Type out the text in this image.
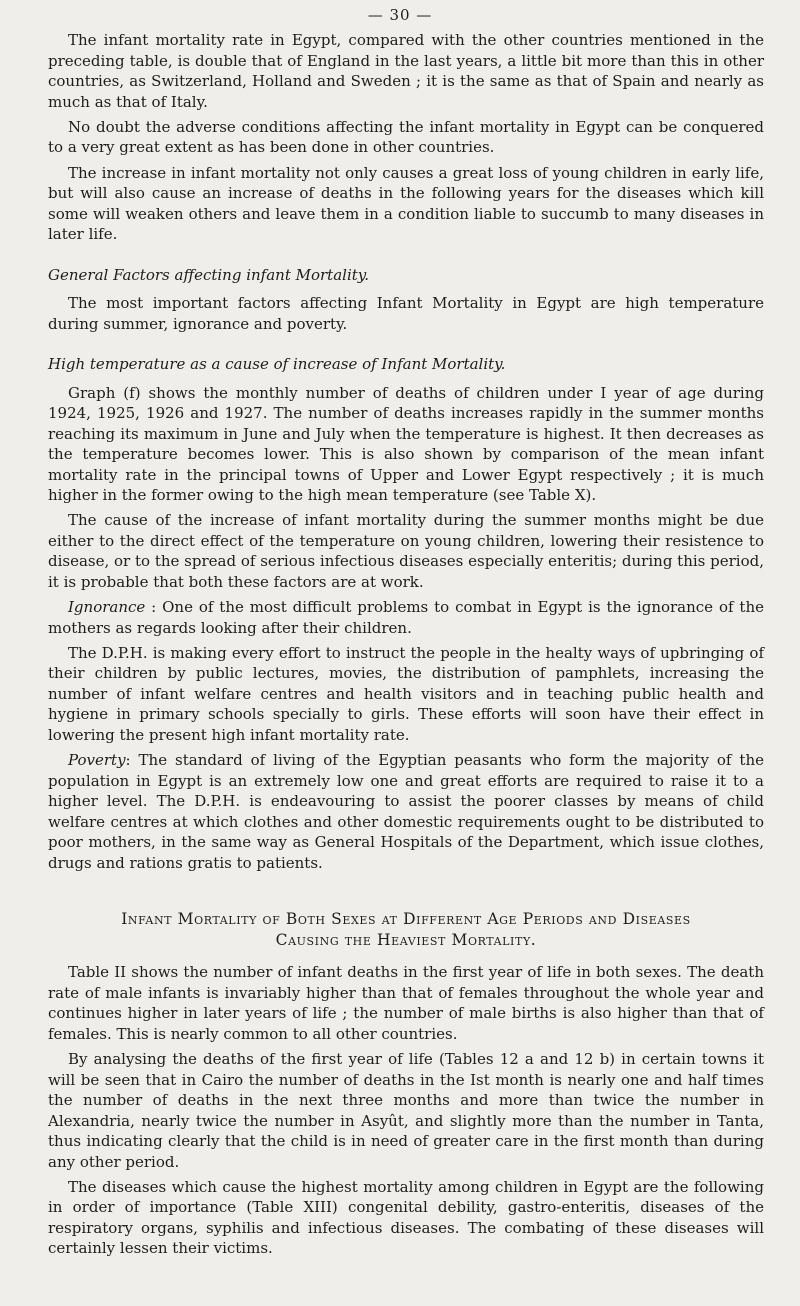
— 30 —

The infant mortality rate in Egypt, compared with the other countries mentioned in the preceding table, is double that of England in the last years, a little bit more than this in other countries, as Switzerland, Holland and Sweden ; it is the same as that of Spain and nearly as much as that of Italy.

No doubt the adverse conditions affecting the infant mortality in Egypt can be conquered to a very great extent as has been done in other countries.

The increase in infant mortality not only causes a great loss of young children in early life, but will also cause an increase of deaths in the following years for the diseases which kill some will weaken others and leave them in a condition liable to succumb to many diseases in later life.

General Factors affecting infant Mortality.

The most important factors affecting Infant Mortality in Egypt are high temperature during summer, ignorance and poverty.

High temperature as a cause of increase of Infant Mortality.

Graph (f) shows the monthly number of deaths of children under I year of age during 1924, 1925, 1926 and 1927. The number of deaths increases rapidly in the summer months reaching its maximum in June and July when the temperature is highest. It then decreases as the temperature becomes lower. This is also shown by comparison of the mean infant mortality rate in the principal towns of Upper and Lower Egypt respectively ; it is much higher in the former owing to the high mean temperature (see Table X).

The cause of the increase of infant mortality during the summer months might be due either to the direct effect of the temperature on young children, lowering their resistence to disease, or to the spread of serious infectious diseases especially enteritis; during this period, it is probable that both these factors are at work.

Ignorance : One of the most difficult problems to combat in Egypt is the ignorance of the mothers as regards looking after their children.

The D.P.H. is making every effort to instruct the people in the healty ways of upbringing of their children by public lectures, movies, the distribution of pamphlets, increasing the number of infant welfare centres and health visitors and in teaching public health and hygiene in primary schools specially to girls. These efforts will soon have their effect in lowering the present high infant mortality rate.

Poverty: The standard of living of the Egyptian peasants who form the majority of the population in Egypt is an extremely low one and great efforts are required to raise it to a higher level. The D.P.H. is endeavouring to assist the poorer classes by means of child welfare centres at which clothes and other domestic requirements ought to be distributed to poor mothers, in the same way as General Hospitals of the Department, which issue clothes, drugs and rations gratis to patients.

Infant Mortality of Both Sexes at Different Age Periods and Diseases
Causing the Heaviest Mortality.

Table II shows the number of infant deaths in the first year of life in both sexes. The death rate of male infants is invariably higher than that of females throughout the whole year and continues higher in later years of life ; the number of male births is also higher than that of females. This is nearly common to all other countries.

By analysing the deaths of the first year of life (Tables 12 a and 12 b) in certain towns it will be seen that in Cairo the number of deaths in the Ist month is nearly one and half times the number of deaths in the next three months and more than twice the number in Alexandria, nearly twice the number in Asyût, and slightly more than the number in Tanta, thus indicating clearly that the child is in need of greater care in the first month than during any other period.

The diseases which cause the highest mortality among children in Egypt are the following in order of importance (Table XIII) congenital debility, gastro-enteritis, diseases of the respiratory organs, syphilis and infectious diseases. The combating of these diseases will certainly lessen their victims.
